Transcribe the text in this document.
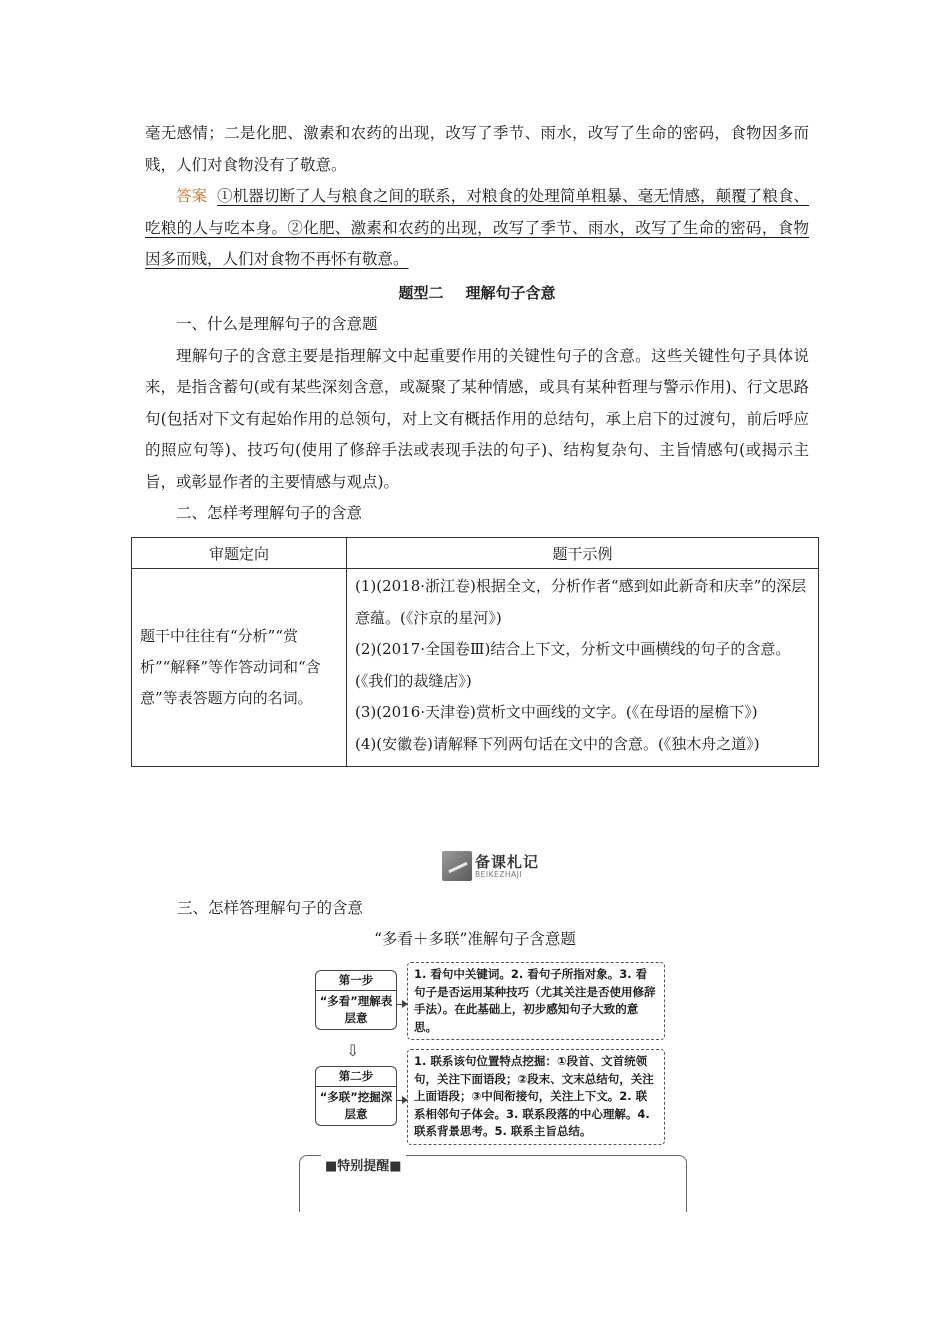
毫无感情；二是化肥、激素和农药的出现，改写了季节、雨水，改写了生命的密码，食物因多而贱，人们对食物没有了敬意。

答案 ①机器切断了人与粮食之间的联系，对粮食的处理简单粗暴、毫无情感，颠覆了粮食、吃粮的人与吃本身。②化肥、激素和农药的出现，改写了季节、雨水，改写了生命的密码，食物因多而贱，人们对食物不再怀有敬意。

题型二 理解句子含意

一、什么是理解句子的含意题

理解句子的含意主要是指理解文中起重要作用的关键性句子的含意。这些关键性句子具体说来，是指含蓄句(或有某些深刻含意，或凝聚了某种情感，或具有某种哲理与警示作用)、行文思路句(包括对下文有起始作用的总领句，对上文有概括作用的总结句，承上启下的过渡句，前后呼应的照应句等)、技巧句(使用了修辞手法或表现手法的句子)、结构复杂句、主旨情感句(或揭示主旨，或彰显作者的主要情感与观点)。

二、怎样考理解句子的含意

审题定向	题干示例
题干中往往有“分析”“赏析”“解释”等作答动词和“含意”等表答题方向的名词。	(1)(2018·浙江卷)根据全文，分析作者“感到如此新奇和庆幸”的深层意蕴。(《汴京的星河》)
(2)(2017·全国卷Ⅲ)结合上下文，分析文中画横线的句子的含意。(《我们的裁缝店》)
(3)(2016·天津卷)赏析文中画线的文字。(《在母语的屋檐下》)
(4)(安徽卷)请解释下列两句话在文中的含意。(《独木舟之道》)
备课札记
BEIKEZHAJI
三、怎样答理解句子的含意
“多看＋多联”准解句子含意题
第一步
“多看”理解表层意
1. 看句中关键词。2. 看句子所指对象。3. 看句子是否运用某种技巧（尤其关注是否使用修辞手法）。在此基础上，初步感知句子大致的意思。
⇩
第二步
“多联”挖掘深层意
1. 联系该句位置特点挖掘：①段首、文首统领句，关注下面语段；②段末、文末总结句，关注上面语段；③中间衔接句，关注上下文。2. 联系相邻句子体会。3. 联系段落的中心理解。4. 联系背景思考。5. 联系主旨总结。
■特别提醒■
